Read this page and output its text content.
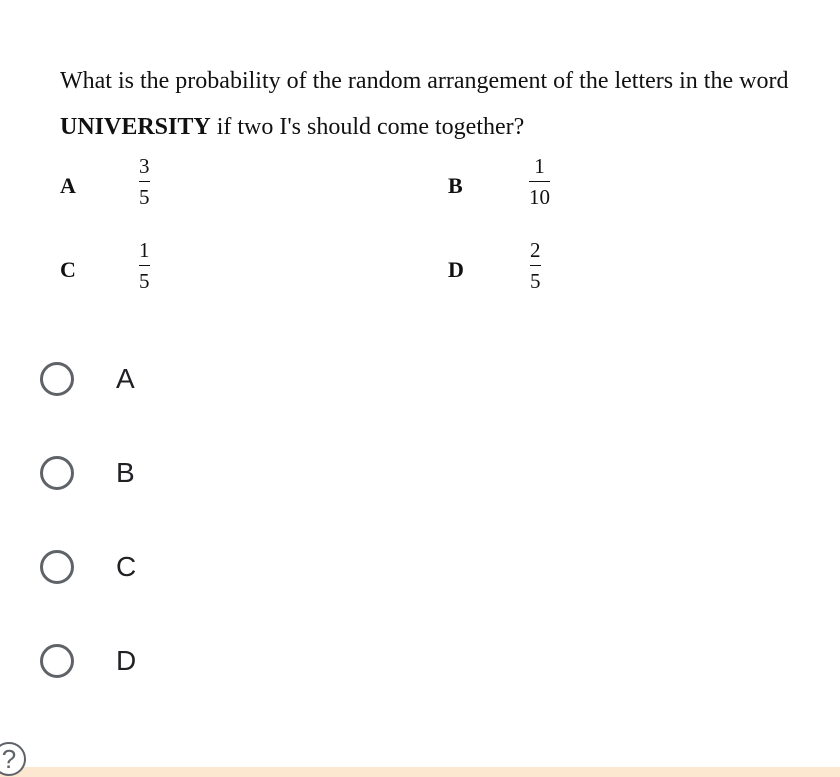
What is the probability of the random arrangement of the letters in the word UNIVERSITY if two I's should come together?
A
3
5	B
1
10
C
1
5	D
2
5
A
B
C
D
?
